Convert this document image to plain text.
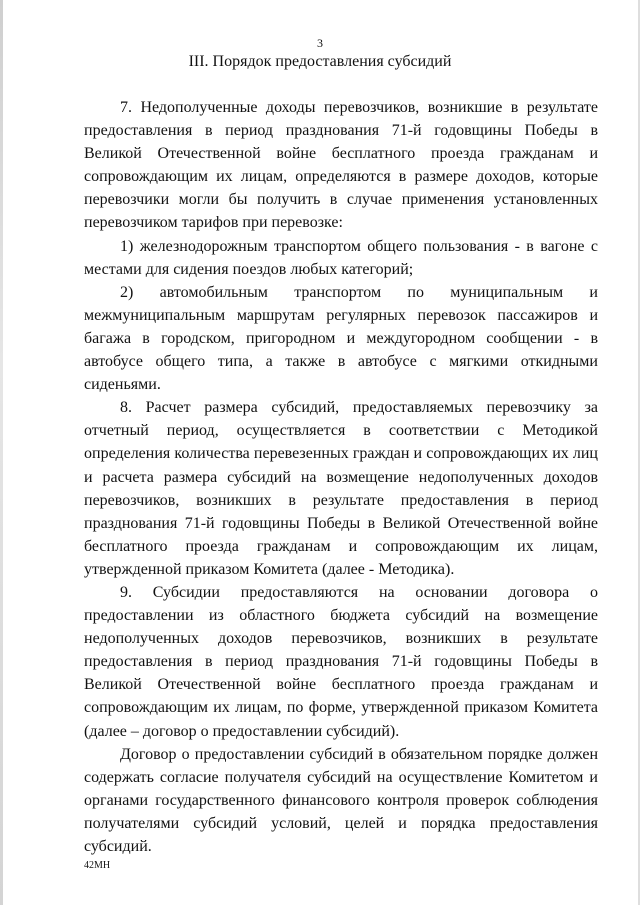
3
III. Порядок предоставления субсидий

7. Недополученные доходы перевозчиков, возникшие в результате предоставления в период празднования 71-й годовщины Победы в Великой Отечественной войне бесплатного проезда гражданам и сопровождающим их лицам, определяются в размере доходов, которые перевозчики могли бы получить в случае применения установленных перевозчиком тарифов при перевозке:

1) железнодорожным транспортом общего пользования - в вагоне с местами для сидения поездов любых категорий;

2) автомобильным транспортом по муниципальным и межмуниципальным маршрутам регулярных перевозок пассажиров и багажа в городском, пригородном и междугородном сообщении - в автобусе общего типа, а также в автобусе с мягкими откидными сиденьями.

8. Расчет размера субсидий, предоставляемых перевозчику за отчетный период, осуществляется в соответствии с Методикой определения количества перевезенных граждан и сопровождающих их лиц и расчета размера субсидий на возмещение недополученных доходов перевозчиков, возникших в результате предоставления в период празднования 71-й годовщины Победы в Великой Отечественной войне бесплатного проезда гражданам и сопровождающим их лицам, утвержденной приказом Комитета (далее - Методика).

9. Субсидии предоставляются на основании договора о предоставлении из областного бюджета субсидий на возмещение недополученных доходов перевозчиков, возникших в результате предоставления в период празднования 71-й годовщины Победы в Великой Отечественной войне бесплатного проезда гражданам и сопровождающим их лицам, по форме, утвержденной приказом Комитета (далее – договор о предоставлении субсидий).

Договор о предоставлении субсидий в обязательном порядке должен содержать согласие получателя субсидий на осуществление Комитетом и органами государственного финансового контроля проверок соблюдения получателями субсидий условий, целей и порядка предоставления субсидий.

42МН
